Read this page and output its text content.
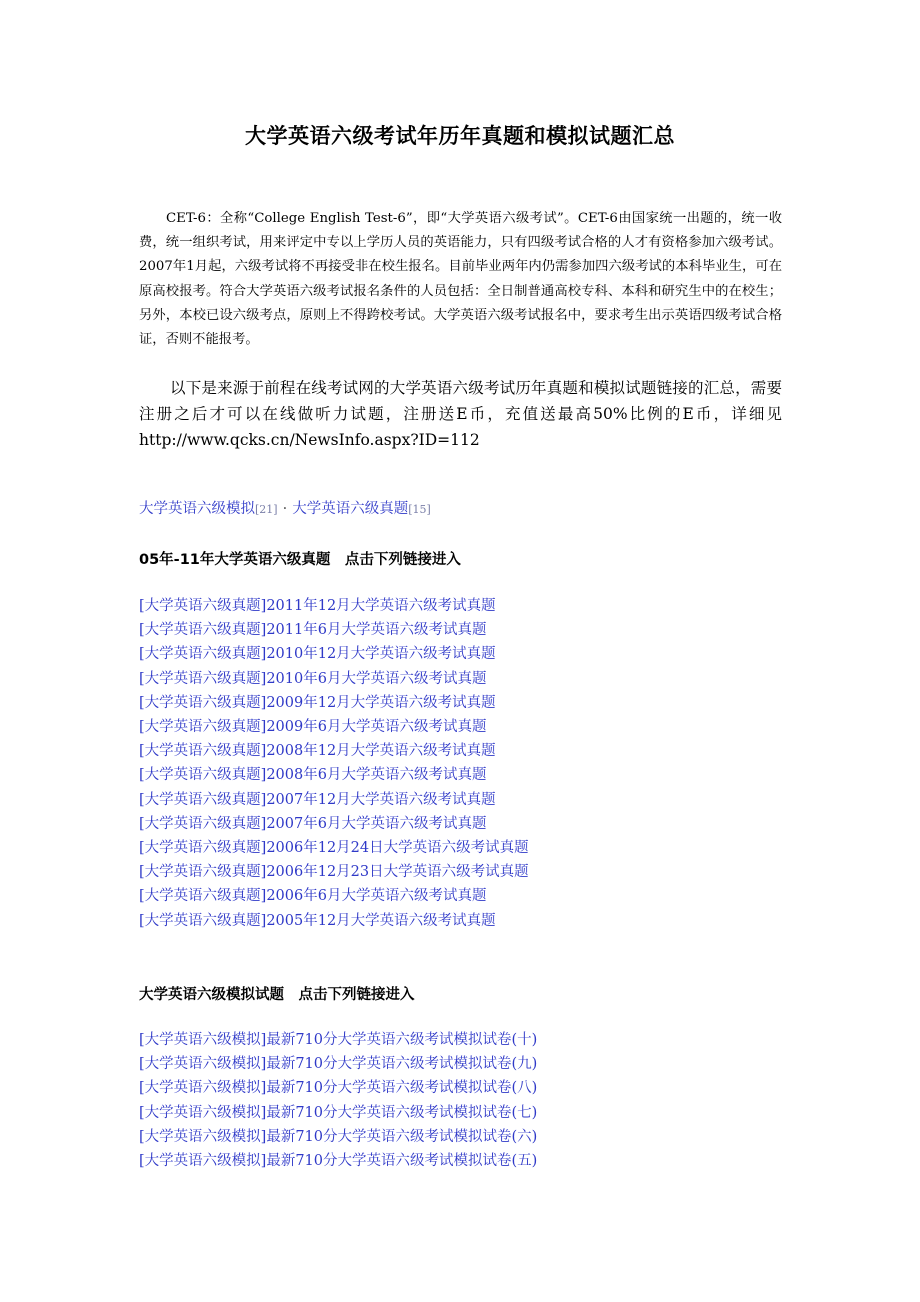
大学英语六级考试年历年真题和模拟试题汇总

CET-6：全称“College English Test-6”，即“大学英语六级考试”。CET-6由国家统一出题的，统一收费，统一组织考试，用来评定中专以上学历人员的英语能力，只有四级考试合格的人才有资格参加六级考试。2007年1月起，六级考试将不再接受非在校生报名。目前毕业两年内仍需参加四六级考试的本科毕业生，可在原高校报考。符合大学英语六级考试报名条件的人员包括：全日制普通高校专科、本科和研究生中的在校生；另外，本校已设六级考点，原则上不得跨校考试。大学英语六级考试报名中，要求考生出示英语四级考试合格证，否则不能报考。

以下是来源于前程在线考试网的大学英语六级考试历年真题和模拟试题链接的汇总，需要注册之后才可以在线做听力试题，注册送E币，充值送最高50%比例的E币，详细见http://www.qcks.cn/NewsInfo.aspx?ID=112

大学英语六级模拟[21] · 大学英语六级真题[15]
05年-11年大学英语六级真题　点击下列链接进入
[大学英语六级真题]2011年12月大学英语六级考试真题
[大学英语六级真题]2011年6月大学英语六级考试真题
[大学英语六级真题]2010年12月大学英语六级考试真题
[大学英语六级真题]2010年6月大学英语六级考试真题
[大学英语六级真题]2009年12月大学英语六级考试真题
[大学英语六级真题]2009年6月大学英语六级考试真题
[大学英语六级真题]2008年12月大学英语六级考试真题
[大学英语六级真题]2008年6月大学英语六级考试真题
[大学英语六级真题]2007年12月大学英语六级考试真题
[大学英语六级真题]2007年6月大学英语六级考试真题
[大学英语六级真题]2006年12月24日大学英语六级考试真题
[大学英语六级真题]2006年12月23日大学英语六级考试真题
[大学英语六级真题]2006年6月大学英语六级考试真题
[大学英语六级真题]2005年12月大学英语六级考试真题
大学英语六级模拟试题　点击下列链接进入
[大学英语六级模拟]最新710分大学英语六级考试模拟试卷(十)
[大学英语六级模拟]最新710分大学英语六级考试模拟试卷(九)
[大学英语六级模拟]最新710分大学英语六级考试模拟试卷(八)
[大学英语六级模拟]最新710分大学英语六级考试模拟试卷(七)
[大学英语六级模拟]最新710分大学英语六级考试模拟试卷(六)
[大学英语六级模拟]最新710分大学英语六级考试模拟试卷(五)
